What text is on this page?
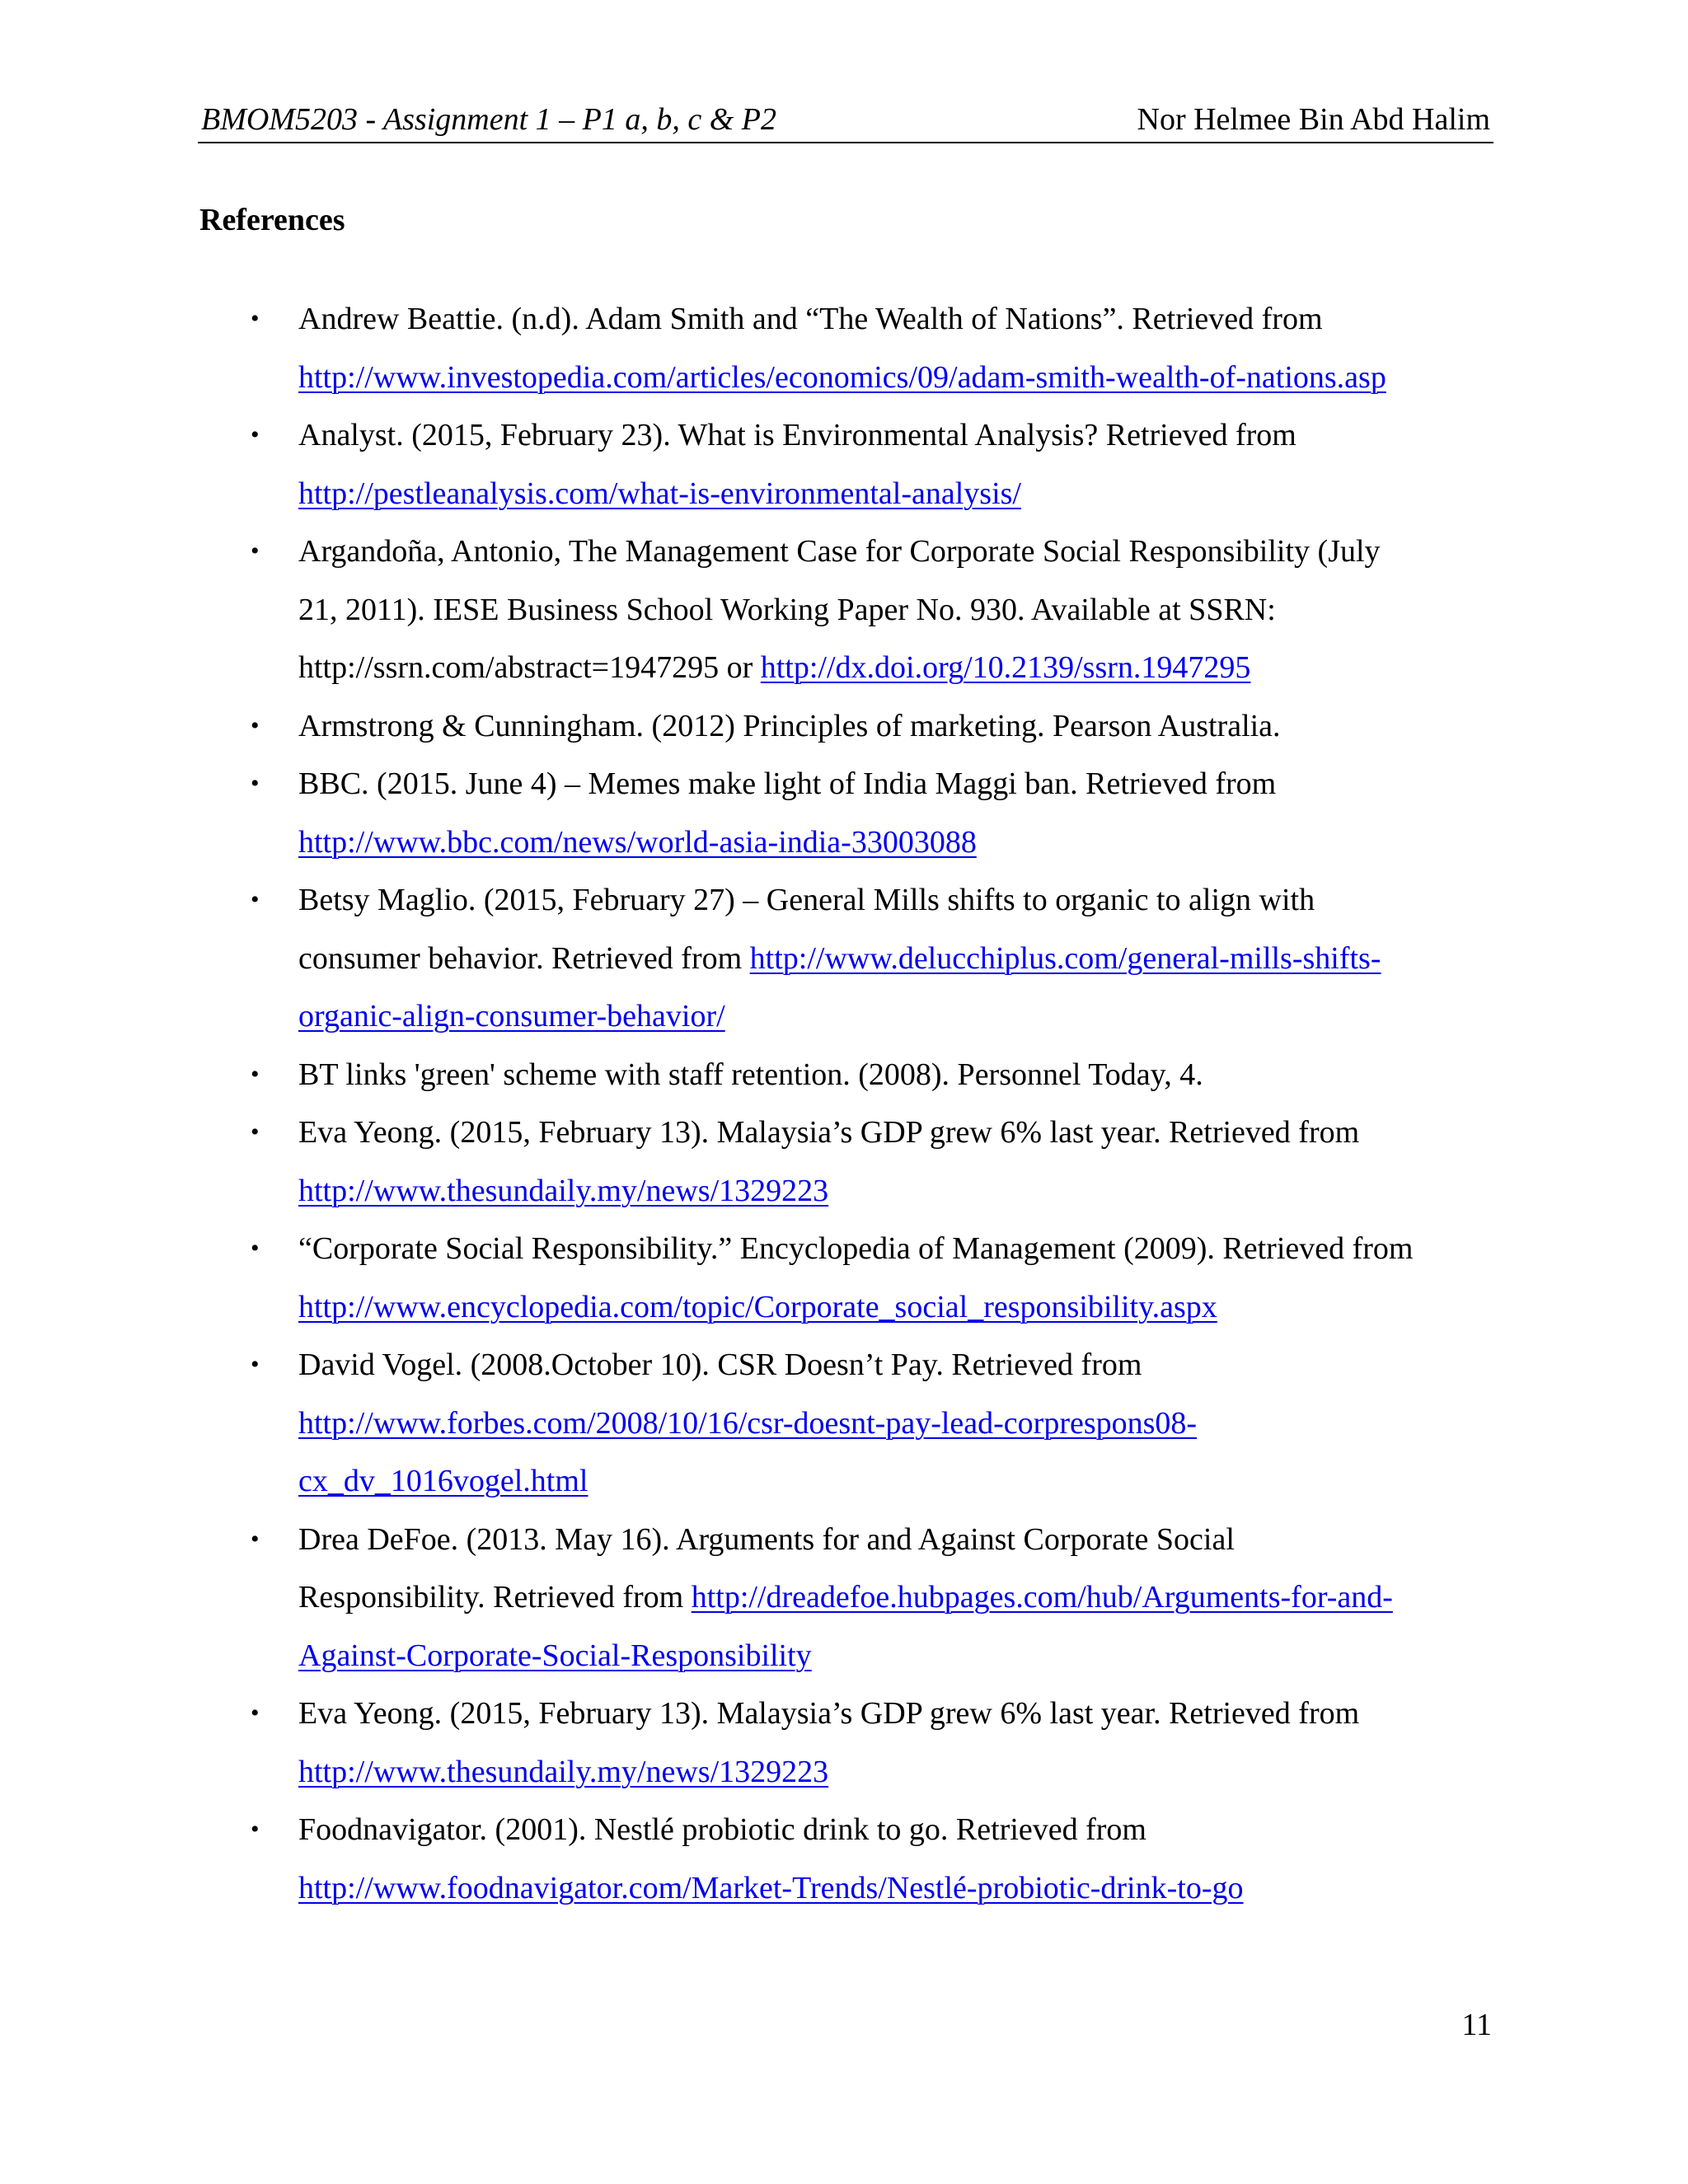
BMOM5203 - Assignment 1 – P1 a, b, c & P2	Nor Helmee Bin Abd Halim
References
• Andrew Beattie. (n.d). Adam Smith and “The Wealth of Nations”. Retrieved from
http://www.investopedia.com/articles/economics/09/adam-smith-wealth-of-nations.asp
• Analyst. (2015, February 23). What is Environmental Analysis? Retrieved from
http://pestleanalysis.com/what-is-environmental-analysis/
• Argandoña, Antonio, The Management Case for Corporate Social Responsibility (July
21, 2011). IESE Business School Working Paper No. 930. Available at SSRN:
http://ssrn.com/abstract=1947295 or http://dx.doi.org/10.2139/ssrn.1947295
• Armstrong & Cunningham. (2012) Principles of marketing. Pearson Australia.
• BBC. (2015. June 4) – Memes make light of India Maggi ban. Retrieved from
http://www.bbc.com/news/world-asia-india-33003088
• Betsy Maglio. (2015, February 27) – General Mills shifts to organic to align with
consumer behavior. Retrieved from http://www.delucchiplus.com/general-mills-shifts-
organic-align-consumer-behavior/
• BT links 'green' scheme with staff retention. (2008). Personnel Today, 4.
• Eva Yeong. (2015, February 13). Malaysia’s GDP grew 6% last year. Retrieved from
http://www.thesundaily.my/news/1329223
• “Corporate Social Responsibility.” Encyclopedia of Management (2009). Retrieved from
http://www.encyclopedia.com/topic/Corporate_social_responsibility.aspx
• David Vogel. (2008.October 10). CSR Doesn’t Pay. Retrieved from
http://www.forbes.com/2008/10/16/csr-doesnt-pay-lead-corprespons08-
cx_dv_1016vogel.html
• Drea DeFoe. (2013. May 16). Arguments for and Against Corporate Social
Responsibility. Retrieved from http://dreadefoe.hubpages.com/hub/Arguments-for-and-
Against-Corporate-Social-Responsibility
• Eva Yeong. (2015, February 13). Malaysia’s GDP grew 6% last year. Retrieved from
http://www.thesundaily.my/news/1329223
• Foodnavigator. (2001). Nestlé probiotic drink to go. Retrieved from
http://www.foodnavigator.com/Market-Trends/Nestlé-probiotic-drink-to-go
11
